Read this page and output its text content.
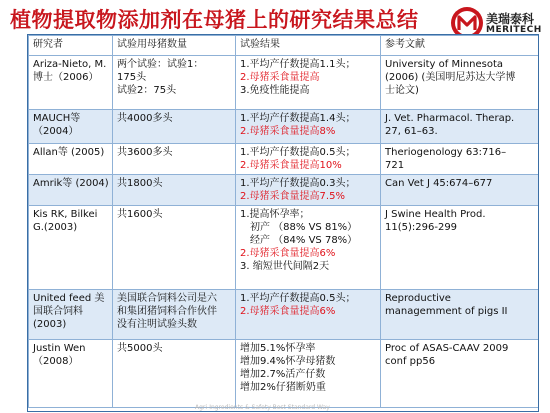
植物提取物添加剂在母猪上的研究结果总结	美瑞泰科
MERITECH
研究者	试验用母猪数量	试验结果	参考文献

Ariza-Nieto, M.
博士（2006）	两个试验：试验1：
175头
试验2：75头	1.平均产仔数提高1.1头；
2.母猪采食量提高
3.免疫性能提高	University of Minnesota
(2006) (美国明尼苏达大学博
士论文)

MAUCH等
（2004）	共4000多头	1.平均产仔数提高1.4头；
2.母猪采食量提高8%	J. Vet. Pharmacol. Therap.
27, 61–63.

Allan等 (2005)	共3600多头	1.平均产仔数提高0.5头；
2.母猪采食量提高10%	Theriogenology 63:716–
721

Amrik等 (2004)	共1800头	1.平均产仔数提高0.3头；
2.母猪采食量提高7.5%	Can Vet J 45:674–677

Kis RK, Bilkei
G.(2003)	共1600头	1.提高怀孕率；
初产 （88% VS 81%）
经产 （84% VS 78%）
2.母猪采食量提高6%
3. 缩短世代间隔2天	J Swine Health Prod.
11(5):296-299

United feed 美
国联合饲料
(2003)	美国联合饲料公司是六
和集团猪饲料合作伙伴
没有注明试验头数	1.平均产仔数提高0.5头；
2.母猪采食量提高6%	Reproductive
managemment of pigs II

Justin Wen
（2008）	共5000头	增加5.1%怀孕率
增加9.4%怀孕母猪数
增加2.7%活产仔数
增加2%仔猪断奶重	Proc of ASAS-CAAV 2009
conf pp56
Agri-Ingredients & Safety-Best Standard Way
